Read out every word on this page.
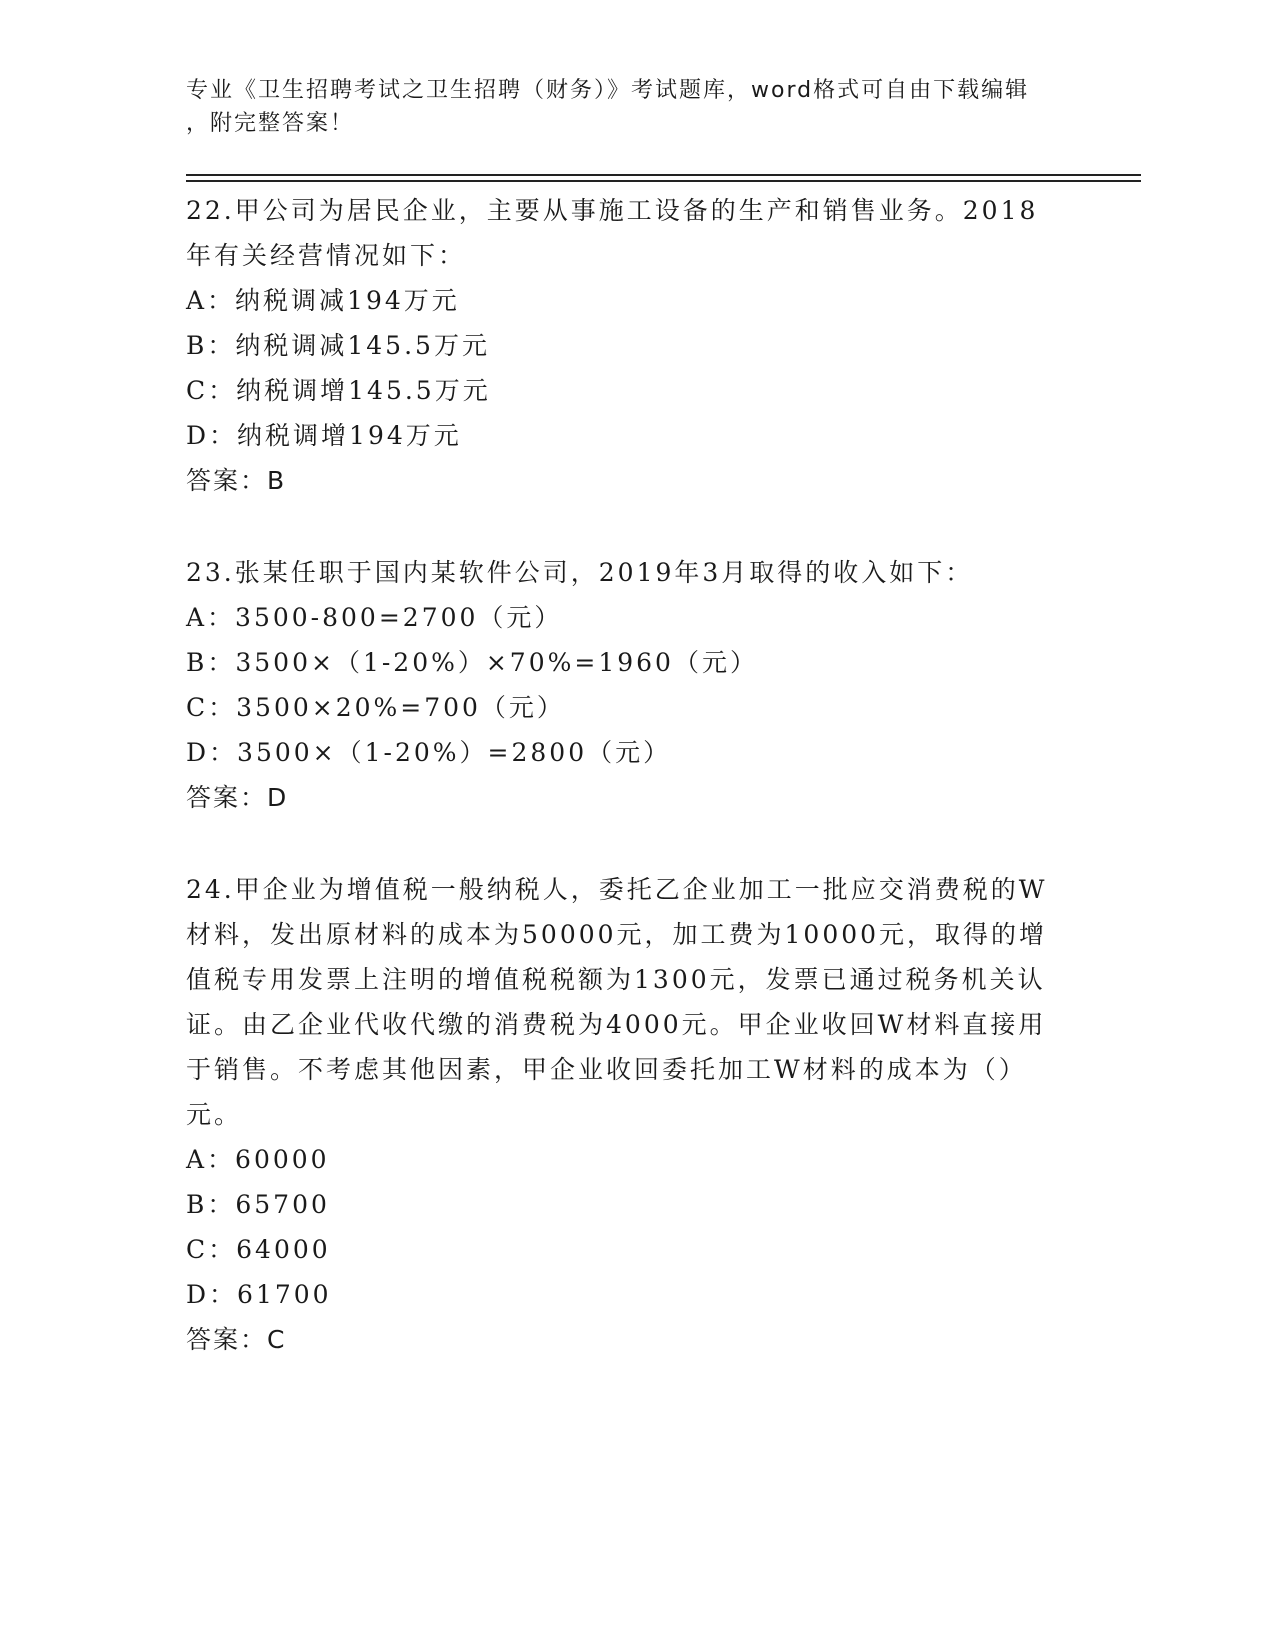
专业《卫生招聘考试之卫生招聘（财务）》考试题库，word格式可自由下载编辑
，附完整答案！

22.甲公司为居民企业，主要从事施工设备的生产和销售业务。2018年有关经营情况如下：

A：纳税调减194万元

B：纳税调减145.5万元

C：纳税调增145.5万元

D：纳税调增194万元

答案：B

23.张某任职于国内某软件公司，2019年3月取得的收入如下：

A：3500-800=2700（元）

B：3500×（1-20%）×70%=1960（元）

C：3500×20%=700（元）

D：3500×（1-20%）=2800（元）

答案：D

24.甲企业为增值税一般纳税人，委托乙企业加工一批应交消费税的W材料，发出原材料的成本为50000元，加工费为10000元，取得的增值税专用发票上注明的增值税税额为1300元，发票已通过税务机关认证。由乙企业代收代缴的消费税为4000元。甲企业收回W材料直接用于销售。不考虑其他因素，甲企业收回委托加工W材料的成本为（）元。

A：60000

B：65700

C：64000

D：61700

答案：C
